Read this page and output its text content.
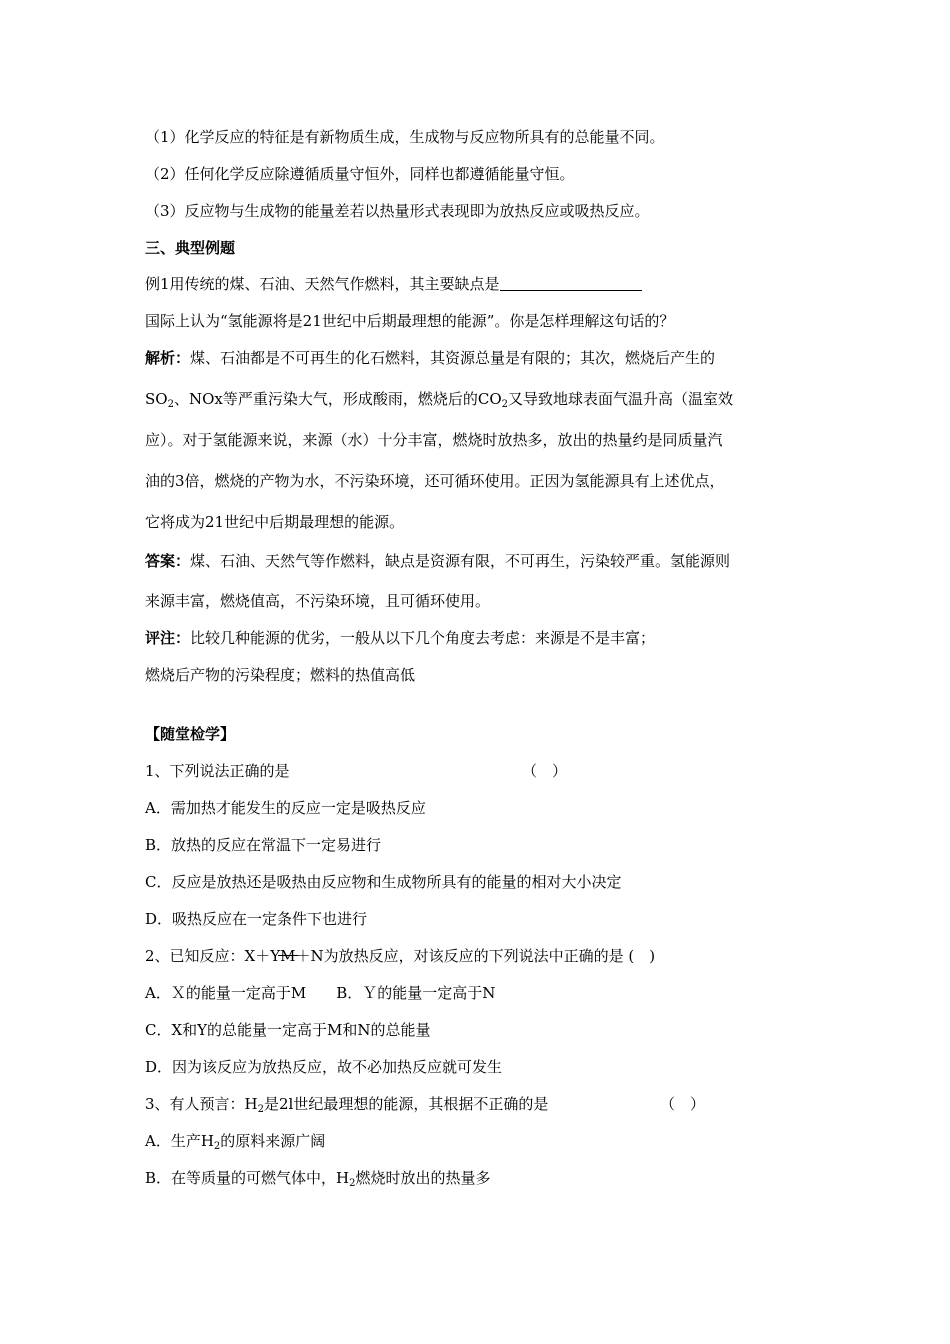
（1）化学反应的特征是有新物质生成，生成物与反应物所具有的总能量不同。
（2）任何化学反应除遵循质量守恒外，同样也都遵循能量守恒。
（3）反应物与生成物的能量差若以热量形式表现即为放热反应或吸热反应。
三、典型例题
例1用传统的煤、石油、天然气作燃料，其主要缺点是
国际上认为“氢能源将是21世纪中后期最理想的能源”。你是怎样理解这句话的？
解析：煤、石油都是不可再生的化石燃料，其资源总量是有限的；其次，燃烧后产生的
$SO_2$、NOx等严重污染大气，形成酸雨，燃烧后的$CO_2$又导致地球表面气温升高（温室效
应）。对于氢能源来说，来源（水）十分丰富，燃烧时放热多，放出的热量约是同质量汽
油的3倍，燃烧的产物为水，不污染环境，还可循环使用。正因为氢能源具有上述优点，
它将成为21世纪中后期最理想的能源。
答案：煤、石油、天然气等作燃料，缺点是资源有限，不可再生，污染较严重。氢能源则
来源丰富，燃烧值高，不污染环境，且可循环使用。
评注：比较几种能源的优劣，一般从以下几个角度去考虑：来源是不是丰富；
燃烧后产物的污染程度；燃料的热值高低
【随堂检学】
1、下列说法正确的是	（　）
A．需加热才能发生的反应一定是吸热反应
B．放热的反应在常温下一定易进行
C．反应是放热还是吸热由反应物和生成物所具有的能量的相对大小决定
D．吸热反应在一定条件下也进行
2、已知反应：X＋YM＋N为放热反应，对该反应的下列说法中正确的是 (　)
A．Ｘ的能量一定高于M　　B．Ｙ的能量一定高于N
C．X和Y的总能量一定高于M和N的总能量
D．因为该反应为放热反应，故不必加热反应就可发生
3、有人预言：$H_2$是2l世纪最理想的能源，其根据不正确的是	（　）
A．生产$H_2$的原料来源广阔
B．在等质量的可燃气体中，$H_2$燃烧时放出的热量多
